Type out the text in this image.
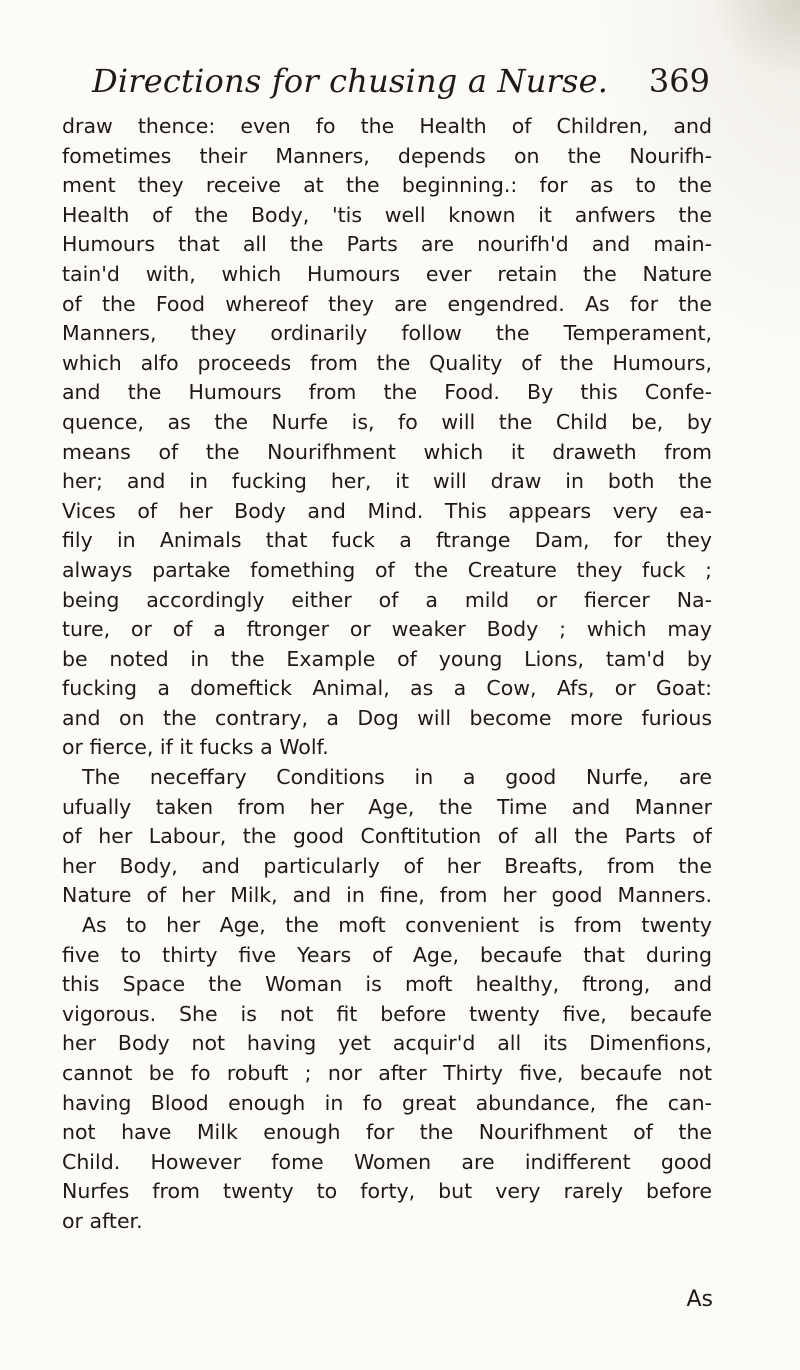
Directions for chusing a Nurse. 369
draw thence: even fo the Health of Children, and
fometimes their Manners, depends on the Nourifh-
ment they receive at the beginning.: for as to the
Health of the Body, 'tis well known it anfwers the
Humours that all the Parts are nourifh'd and main-
tain'd with, which Humours ever retain the Nature
of the Food whereof they are engendred. As for the
Manners, they ordinarily follow the Temperament,
which alfo proceeds from the Quality of the Humours,
and the Humours from the Food. By this Confe-
quence, as the Nurfe is, fo will the Child be, by
means of the Nourifhment which it draweth from
her; and in fucking her, it will draw in both the
Vices of her Body and Mind. This appears very ea-
fily in Animals that fuck a ftrange Dam, for they
always partake fomething of the Creature they fuck ;
being accordingly either of a mild or fiercer Na-
ture, or of a ftronger or weaker Body ; which may
be noted in the Example of young Lions, tam'd by
fucking a domeftick Animal, as a Cow, Afs, or Goat:
and on the contrary, a Dog will become more furious
or fierce, if it fucks a Wolf.
The neceffary Conditions in a good Nurfe, are
ufually taken from her Age, the Time and Manner
of her Labour, the good Conftitution of all the Parts of
her Body, and particularly of her Breafts, from the
Nature of her Milk, and in fine, from her good Manners.
As to her Age, the moft convenient is from twenty
five to thirty five Years of Age, becaufe that during
this Space the Woman is moft healthy, ftrong, and
vigorous. She is not fit before twenty five, becaufe
her Body not having yet acquir'd all its Dimenfions,
cannot be fo robuft ; nor after Thirty five, becaufe not
having Blood enough in fo great abundance, fhe can-
not have Milk enough for the Nourifhment of the
Child. However fome Women are indifferent good
Nurfes from twenty to forty, but very rarely before
or after.
As
